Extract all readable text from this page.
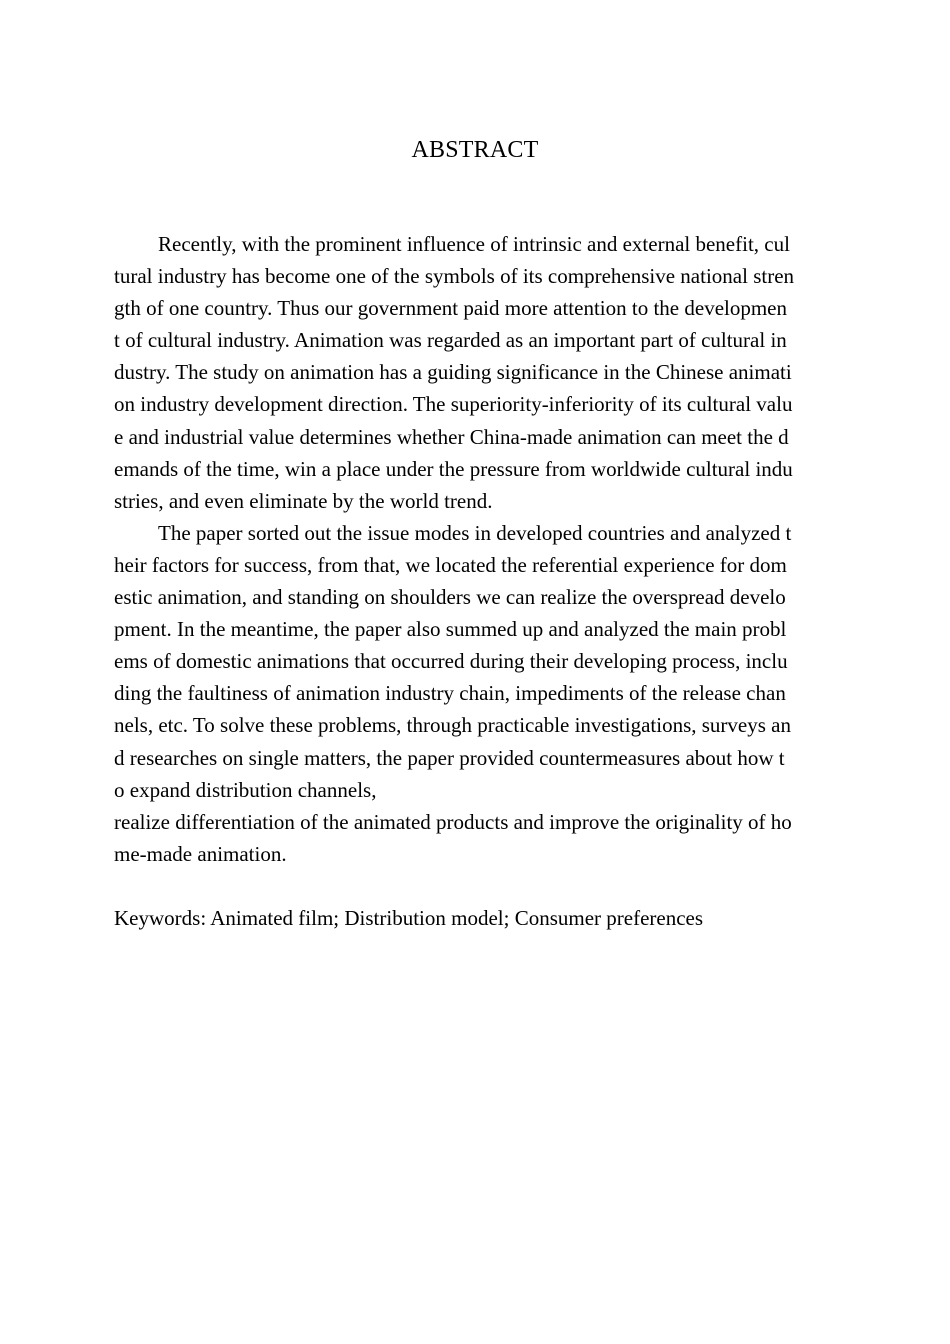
ABSTRACT
Recently, with the prominent influence of intrinsic and external benefit, cul
tural industry has become one of the symbols of its comprehensive national stren
gth of one country. Thus our government paid more attention to the developmen
t of cultural industry. Animation was regarded as an important part of cultural in
dustry. The study on animation has a guiding significance in the Chinese animati
on industry development direction. The superiority-inferiority of its cultural valu
e and industrial value determines whether China-made animation can meet the d
emands of the time, win a place under the pressure from worldwide cultural indu
stries, and even eliminate by the world trend.
The paper sorted out the issue modes in developed countries and analyzed t
heir factors for success, from that, we located the referential experience for dom
estic animation, and standing on shoulders we can realize the overspread develo
pment. In the meantime, the paper also summed up and analyzed the main probl
ems of domestic animations that occurred during their developing process, inclu
ding the faultiness of animation industry chain, impediments of the release chan
nels, etc. To solve these problems, through practicable investigations, surveys an
d researches on single matters, the paper provided countermeasures about how t
o expand distribution channels,
realize differentiation of the animated products and improve the originality of ho
me-made animation.
Keywords: Animated film; Distribution model; Consumer preferences
